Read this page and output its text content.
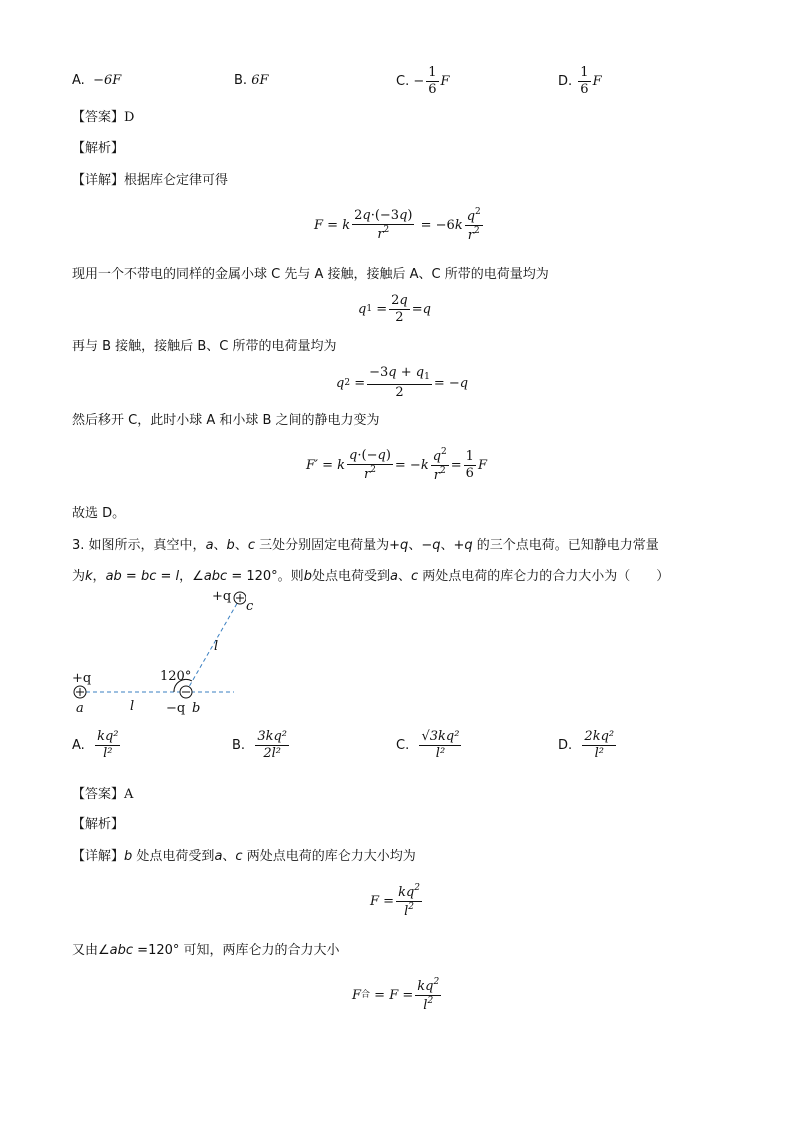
A.
−6F	B.
6F	C.
− $\frac{1}{6}$ F	D.
$\frac{1}{6}$ F
【答案】D
【解析】
【详解】根据库仑定律可得
F = k $\frac{2q\cdot(-3q)}{r^2} = -6$ k $\frac{q^2}{r^2}$
现用一个不带电的同样的金属小球 C 先与 A 接触，接触后 A、C 所带的电荷量均为
q $1 = \frac{2q}{2} = q$
再与 B 接触，接触后 B、C 所带的电荷量均为
q $2 = \frac{-3q + q_1}{2}$ = − q
然后移开 C，此时小球 A 和小球 B 之间的静电力变为
F′ = k $\frac{q\cdot(-q)}{r^2}$ = − k $\frac{q^2}{r^2} = \frac{1}{6}$ F
故选 D。
3. 如图所示，真空中，a、b、c 三处分别固定电荷量为+q、−q、+q 的三个点电荷。已知静电力常量
为k，ab = bc = l，∠abc = 120°。则b处点电荷受到a、c 两处点电荷的库仑力的合力大小为（　　）
+q
a	−q b
+q
c
l
l
120°
A.
$\frac{\text{kq²}}{\text{l²}}$	B.
$\frac{\text{3kq²}}{\text{2l²}}$	C.
$\frac{\text{√3kq²}}{\text{l²}}$	D.
$\frac{\text{2kq²}}{\text{l²}}$
【答案】A
【解析】
【详解】b 处点电荷受到a、c 两处点电荷的库仑力大小均为
$F = \frac{kq^2}{l^2}$
又由∠abc =120° 可知，两库仑力的合力大小
F 合 = $F = \frac{kq^2}{l^2}$
